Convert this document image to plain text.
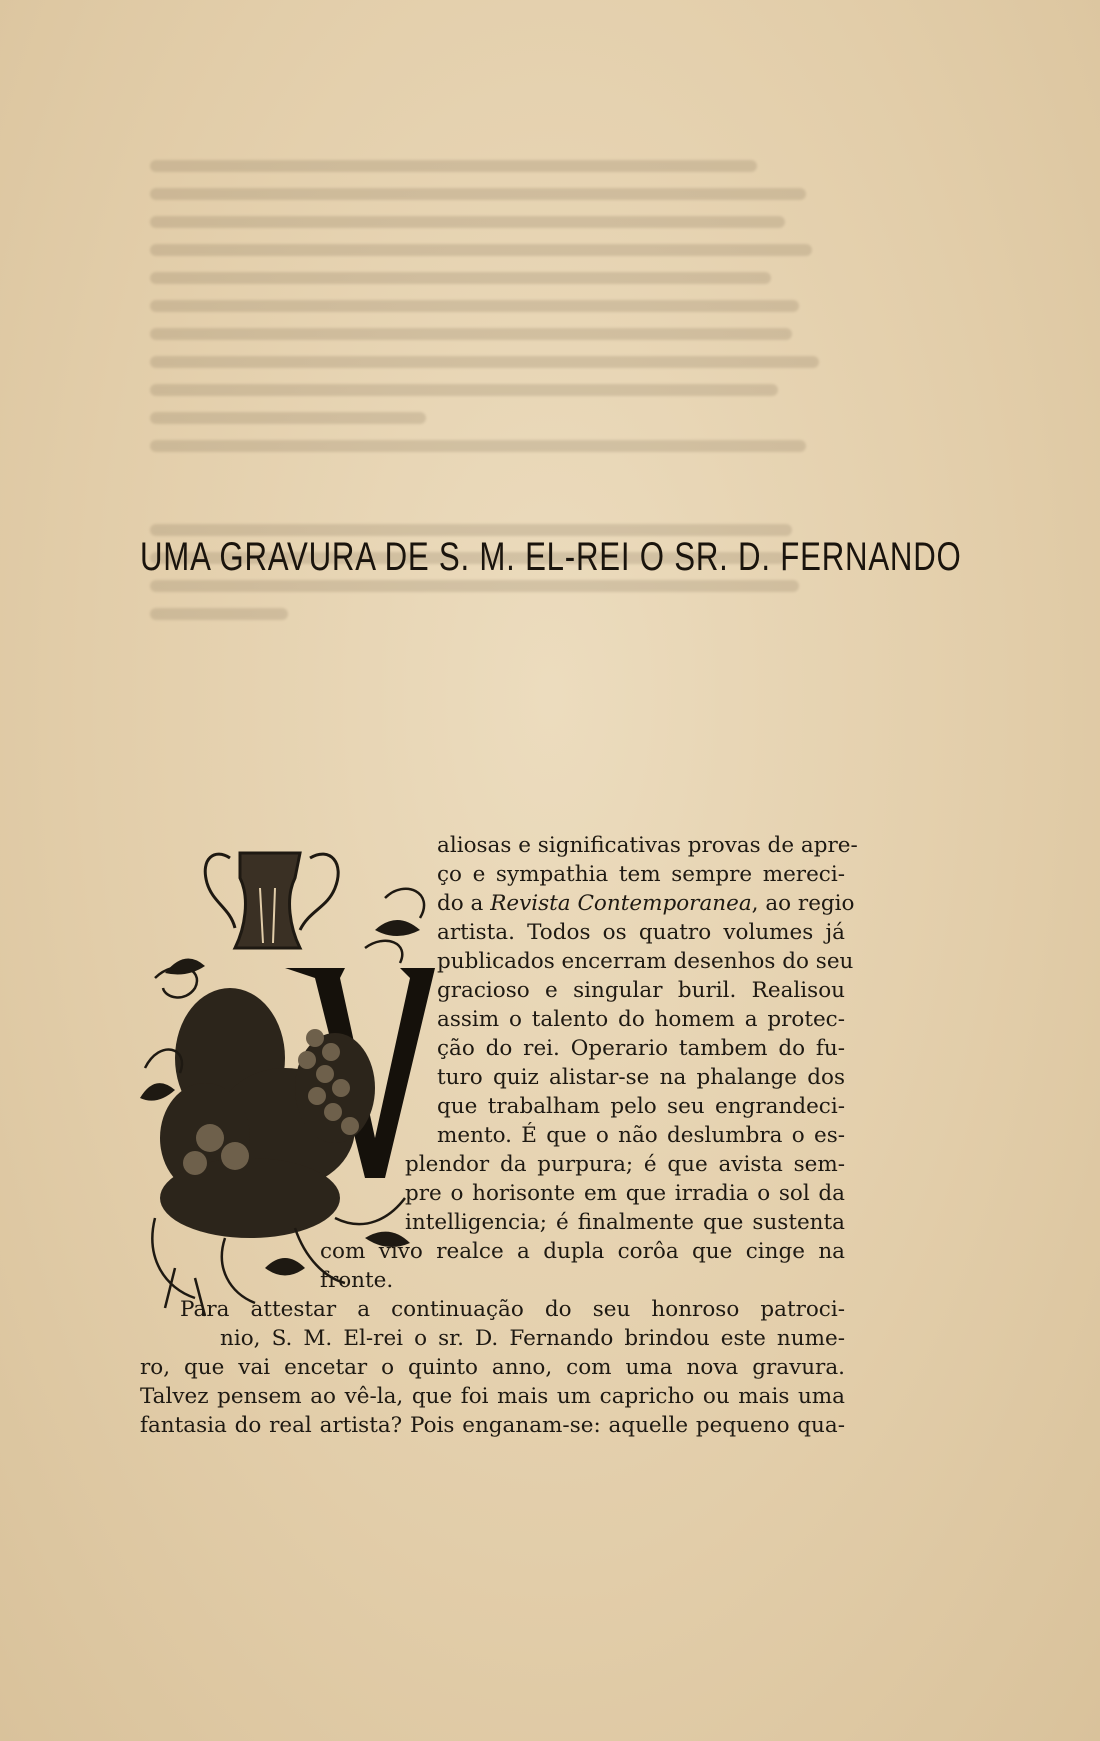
UMA GRAVURA DE S. M. EL-REI O SR. D. FERNANDO
aliosas e significativas provas de apre-
ço e sympathia tem sempre mereci-
do a Revista Contemporanea, ao regio
artista. Todos os quatro volumes já
publicados encerram desenhos do seu
gracioso e singular buril. Realisou
assim o talento do homem a protec-
ção do rei. Operario tambem do fu-
turo quiz alistar-se na phalange dos
que trabalham pelo seu engrandeci-
mento. É que o não deslumbra o es-
plendor da purpura; é que avista sem-
pre o horisonte em que irradia o sol da
intelligencia; é finalmente que sustenta
com vivo realce a dupla corôa que cinge na
fronte.
Para attestar a continuação do seu honroso patroci-
nio, S. M. El-rei o sr. D. Fernando brindou este nume-
ro, que vai encetar o quinto anno, com uma nova gravura.
Talvez pensem ao vê-la, que foi mais um capricho ou mais uma
fantasia do real artista? Pois enganam-se: aquelle pequeno qua-
